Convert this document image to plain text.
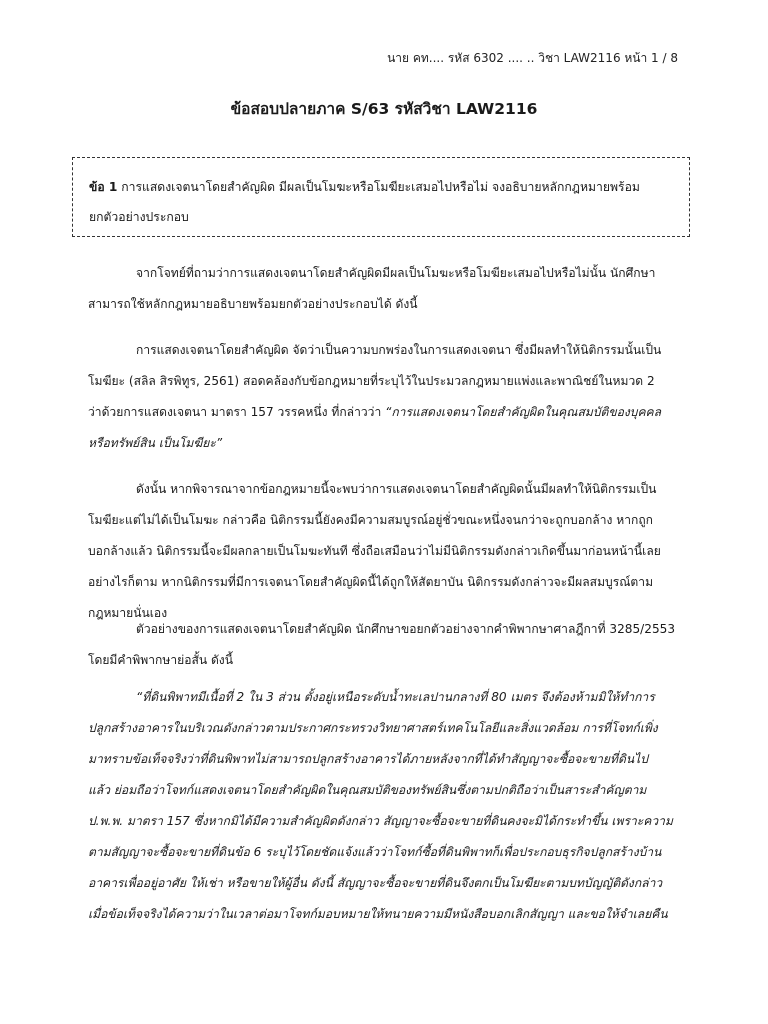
นาย คท.... รหัส 6302 .... .. วิชา LAW2116 หน้า 1 / 8
ข้อสอบปลายภาค S/63 รหัสวิชา LAW2116
ข้อ 1 การแสดงเจตนาโดยสำคัญผิด มีผลเป็นโมฆะหรือโมฆียะเสมอไปหรือไม่ จงอธิบายหลักกฎหมายพร้อม
ยกตัวอย่างประกอบ
จากโจทย์ที่ถามว่าการแสดงเจตนาโดยสำคัญผิดมีผลเป็นโมฆะหรือโมฆียะเสมอไปหรือไม่นั้น นักศึกษา
สามารถใช้หลักกฎหมายอธิบายพร้อมยกตัวอย่างประกอบได้ ดังนี้
การแสดงเจตนาโดยสำคัญผิด จัดว่าเป็นความบกพร่องในการแสดงเจตนา ซึ่งมีผลทำให้นิติกรรมนั้นเป็น
โมฆียะ (สลิล สิรพิทูร, 2561) สอดคล้องกับข้อกฎหมายที่ระบุไว้ในประมวลกฎหมายแพ่งและพาณิชย์ในหมวด 2
ว่าด้วยการแสดงเจตนา มาตรา 157 วรรคหนึ่ง ที่กล่าวว่า “การแสดงเจตนาโดยสำคัญผิดในคุณสมบัติของบุคคล
หรือทรัพย์สิน เป็นโมฆียะ”
ดังนั้น หากพิจารณาจากข้อกฎหมายนี้จะพบว่าการแสดงเจตนาโดยสำคัญผิดนั้นมีผลทำให้นิติกรรมเป็น
โมฆียะแต่ไม่ได้เป็นโมฆะ กล่าวคือ นิติกรรมนี้ยังคงมีความสมบูรณ์อยู่ชั่วขณะหนึ่งจนกว่าจะถูกบอกล้าง หากถูก
บอกล้างแล้ว นิติกรรมนี้จะมีผลกลายเป็นโมฆะทันที ซึ่งถือเสมือนว่าไม่มีนิติกรรมดังกล่าวเกิดขึ้นมาก่อนหน้านี้เลย
อย่างไรก็ตาม หากนิติกรรมที่มีการเจตนาโดยสำคัญผิดนี้ได้ถูกให้สัตยาบัน นิติกรรมดังกล่าวจะมีผลสมบูรณ์ตาม
กฎหมายนั่นเอง
ตัวอย่างของการแสดงเจตนาโดยสำคัญผิด นักศึกษาขอยกตัวอย่างจากคำพิพากษาศาลฎีกาที่ 3285/2553
โดยมีคำพิพากษาย่อสั้น ดังนี้
“ที่ดินพิพาทมีเนื้อที่ 2 ใน 3 ส่วน ตั้งอยู่เหนือระดับน้ำทะเลปานกลางที่ 80 เมตร จึงต้องห้ามมิให้ทำการ
ปลูกสร้างอาคารในบริเวณดังกล่าวตามประกาศกระทรวงวิทยาศาสตร์เทคโนโลยีและสิ่งแวดล้อม การที่โจทก์เพิ่ง
มาทราบข้อเท็จจริงว่าที่ดินพิพาทไม่สามารถปลูกสร้างอาคารได้ภายหลังจากที่ได้ทำสัญญาจะซื้อจะขายที่ดินไป
แล้ว ย่อมถือว่าโจทก์แสดงเจตนาโดยสำคัญผิดในคุณสมบัติของทรัพย์สินซึ่งตามปกติถือว่าเป็นสาระสำคัญตาม
ป.พ.พ. มาตรา 157 ซึ่งหากมิได้มีความสำคัญผิดดังกล่าว สัญญาจะซื้อจะขายที่ดินคงจะมิได้กระทำขึ้น เพราะความ
ตามสัญญาจะซื้อจะขายที่ดินข้อ 6 ระบุไว้โดยชัดแจ้งแล้วว่าโจทก์ซื้อที่ดินพิพาทก็เพื่อประกอบธุรกิจปลูกสร้างบ้าน
อาคารเพื่ออยู่อาศัย ให้เช่า หรือขายให้ผู้อื่น ดังนี้ สัญญาจะซื้อจะขายที่ดินจึงตกเป็นโมฆียะตามบทบัญญัติดังกล่าว
เมื่อข้อเท็จจริงได้ความว่าในเวลาต่อมาโจทก์มอบหมายให้ทนายความมีหนังสือบอกเลิกสัญญา และขอให้จำเลยคืน
